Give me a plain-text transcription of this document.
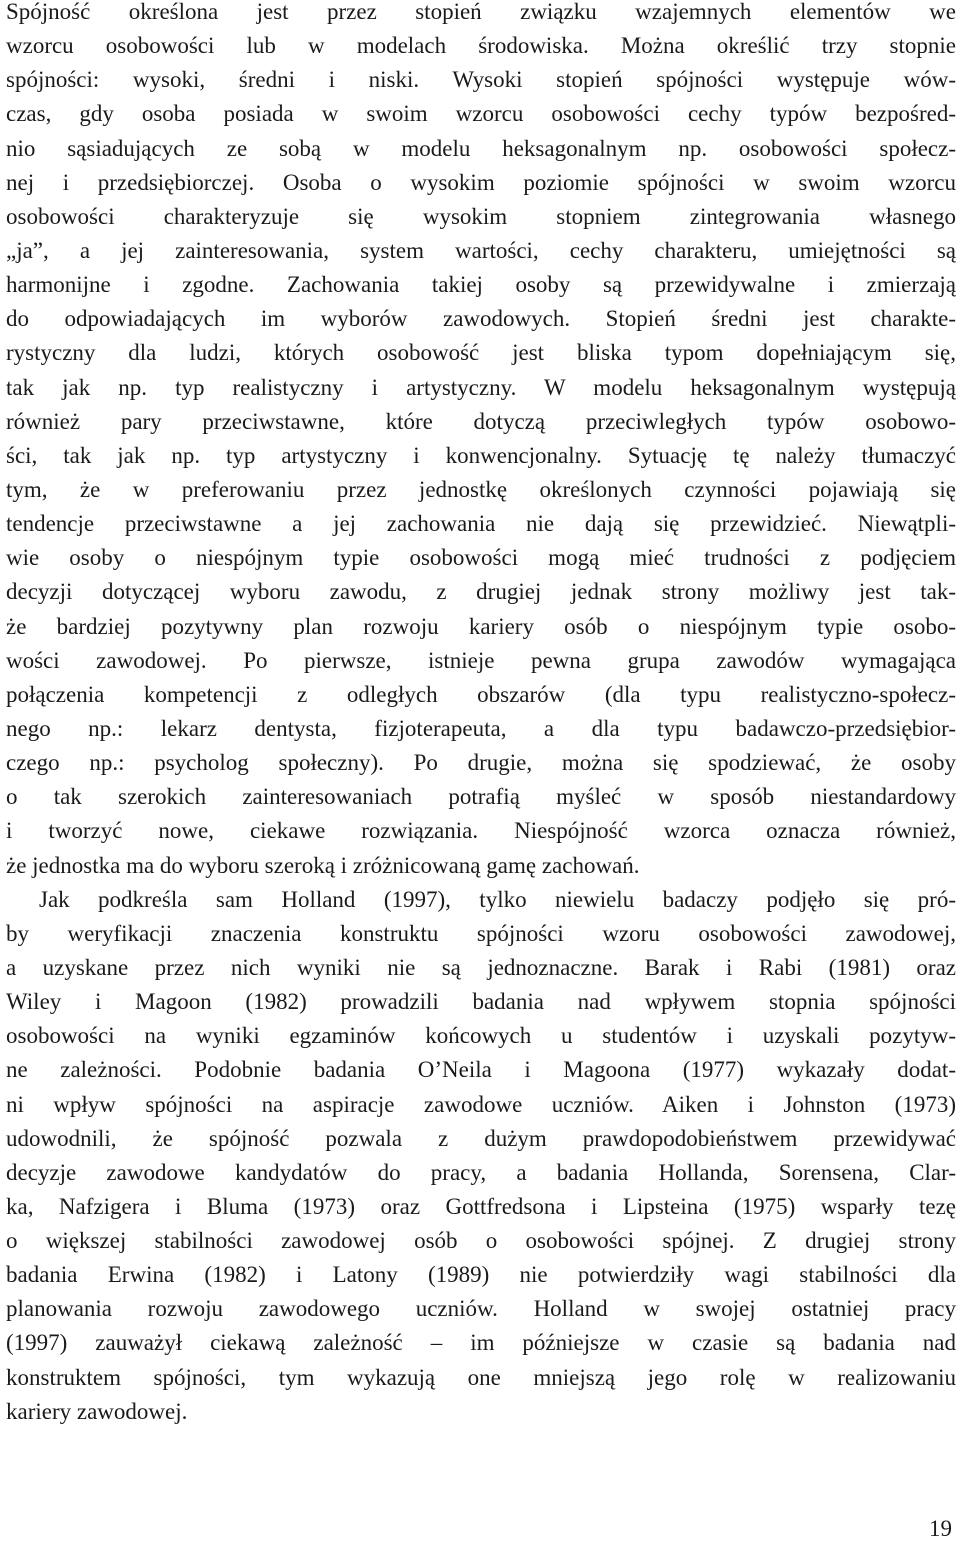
Spójność określona jest przez stopień związku wzajemnych elementów we
wzorcu osobowości lub w modelach środowiska. Można określić trzy stopnie
spójności: wysoki, średni i niski. Wysoki stopień spójności występuje wów-
czas, gdy osoba posiada w swoim wzorcu osobowości cechy typów bezpośred-
nio sąsiadujących ze sobą w modelu heksagonalnym np. osobowości społecz-
nej i przedsiębiorczej. Osoba o wysokim poziomie spójności w swoim wzorcu
osobowości charakteryzuje się wysokim stopniem zintegrowania własnego
„ja”, a jej zainteresowania, system wartości, cechy charakteru, umiejętności są
harmonijne i zgodne. Zachowania takiej osoby są przewidywalne i zmierzają
do odpowiadających im wyborów zawodowych. Stopień średni jest charakte-
rystyczny dla ludzi, których osobowość jest bliska typom dopełniającym się,
tak jak np. typ realistyczny i artystyczny. W modelu heksagonalnym występują
również pary przeciwstawne, które dotyczą przeciwległych typów osobowo-
ści, tak jak np. typ artystyczny i konwencjonalny. Sytuację tę należy tłumaczyć
tym, że w preferowaniu przez jednostkę określonych czynności pojawiają się
tendencje przeciwstawne a jej zachowania nie dają się przewidzieć. Niewątpli-
wie osoby o niespójnym typie osobowości mogą mieć trudności z podjęciem
decyzji dotyczącej wyboru zawodu, z drugiej jednak strony możliwy jest tak-
że bardziej pozytywny plan rozwoju kariery osób o niespójnym typie osobo-
wości zawodowej. Po pierwsze, istnieje pewna grupa zawodów wymagająca
połączenia kompetencji z odległych obszarów (dla typu realistyczno-społecz-
nego np.: lekarz dentysta, fizjoterapeuta, a dla typu badawczo-przedsiębior-
czego np.: psycholog społeczny). Po drugie, można się spodziewać, że osoby
o tak szerokich zainteresowaniach potrafią myśleć w sposób niestandardowy
i tworzyć nowe, ciekawe rozwiązania. Niespójność wzorca oznacza również,
że jednostka ma do wyboru szeroką i zróżnicowaną gamę zachowań.
Jak podkreśla sam Holland (1997), tylko niewielu badaczy podjęło się pró-
by weryfikacji znaczenia konstruktu spójności wzoru osobowości zawodowej,
a uzyskane przez nich wyniki nie są jednoznaczne. Barak i Rabi (1981) oraz
Wiley i Magoon (1982) prowadzili badania nad wpływem stopnia spójności
osobowości na wyniki egzaminów końcowych u studentów i uzyskali pozytyw-
ne zależności. Podobnie badania O’Neila i Magoona (1977) wykazały dodat-
ni wpływ spójności na aspiracje zawodowe uczniów. Aiken i Johnston (1973)
udowodnili, że spójność pozwala z dużym prawdopodobieństwem przewidywać
decyzje zawodowe kandydatów do pracy, a badania Hollanda, Sorensena, Clar-
ka, Nafzigera i Bluma (1973) oraz Gottfredsona i Lipsteina (1975) wsparły tezę
o większej stabilności zawodowej osób o osobowości spójnej. Z drugiej strony
badania Erwina (1982) i Latony (1989) nie potwierdziły wagi stabilności dla
planowania rozwoju zawodowego uczniów. Holland w swojej ostatniej pracy
(1997) zauważył ciekawą zależność – im późniejsze w czasie są badania nad
konstruktem spójności, tym wykazują one mniejszą jego rolę w realizowaniu
kariery zawodowej.
19
